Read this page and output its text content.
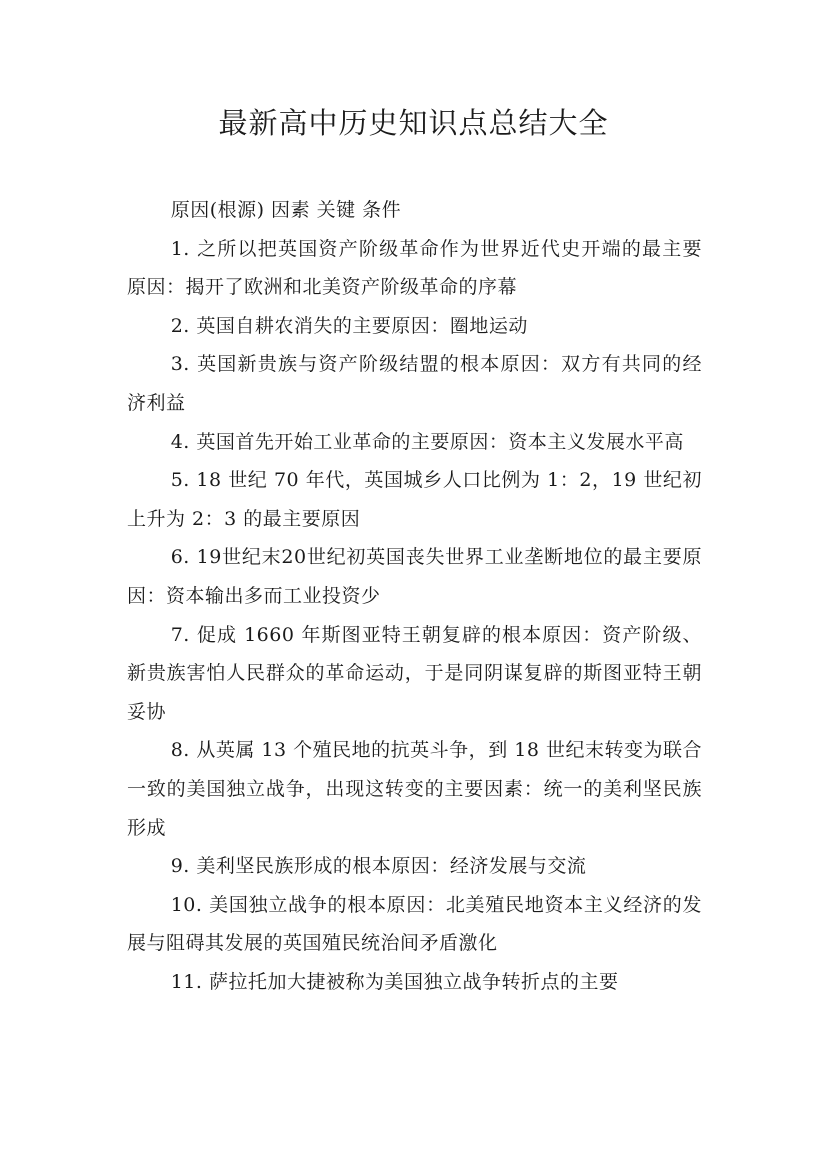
最新高中历史知识点总结大全

原因(根源) 因素 关键 条件

1. 之所以把英国资产阶级革命作为世界近代史开端的最主要原因：揭开了欧洲和北美资产阶级革命的序幕

2. 英国自耕农消失的主要原因：圈地运动

3. 英国新贵族与资产阶级结盟的根本原因：双方有共同的经济利益

4. 英国首先开始工业革命的主要原因：资本主义发展水平高

5. 18 世纪 70 年代，英国城乡人口比例为 1：2，19 世纪初上升为 2：3 的最主要原因

6. 19世纪末20世纪初英国丧失世界工业垄断地位的最主要原因：资本输出多而工业投资少

7. 促成 1660 年斯图亚特王朝复辟的根本原因：资产阶级、新贵族害怕人民群众的革命运动，于是同阴谋复辟的斯图亚特王朝妥协

8. 从英属 13 个殖民地的抗英斗争，到 18 世纪末转变为联合一致的美国独立战争，出现这转变的主要因素：统一的美利坚民族形成

9. 美利坚民族形成的根本原因：经济发展与交流

10. 美国独立战争的根本原因：北美殖民地资本主义经济的发展与阻碍其发展的英国殖民统治间矛盾激化

11. 萨拉托加大捷被称为美国独立战争转折点的主要
